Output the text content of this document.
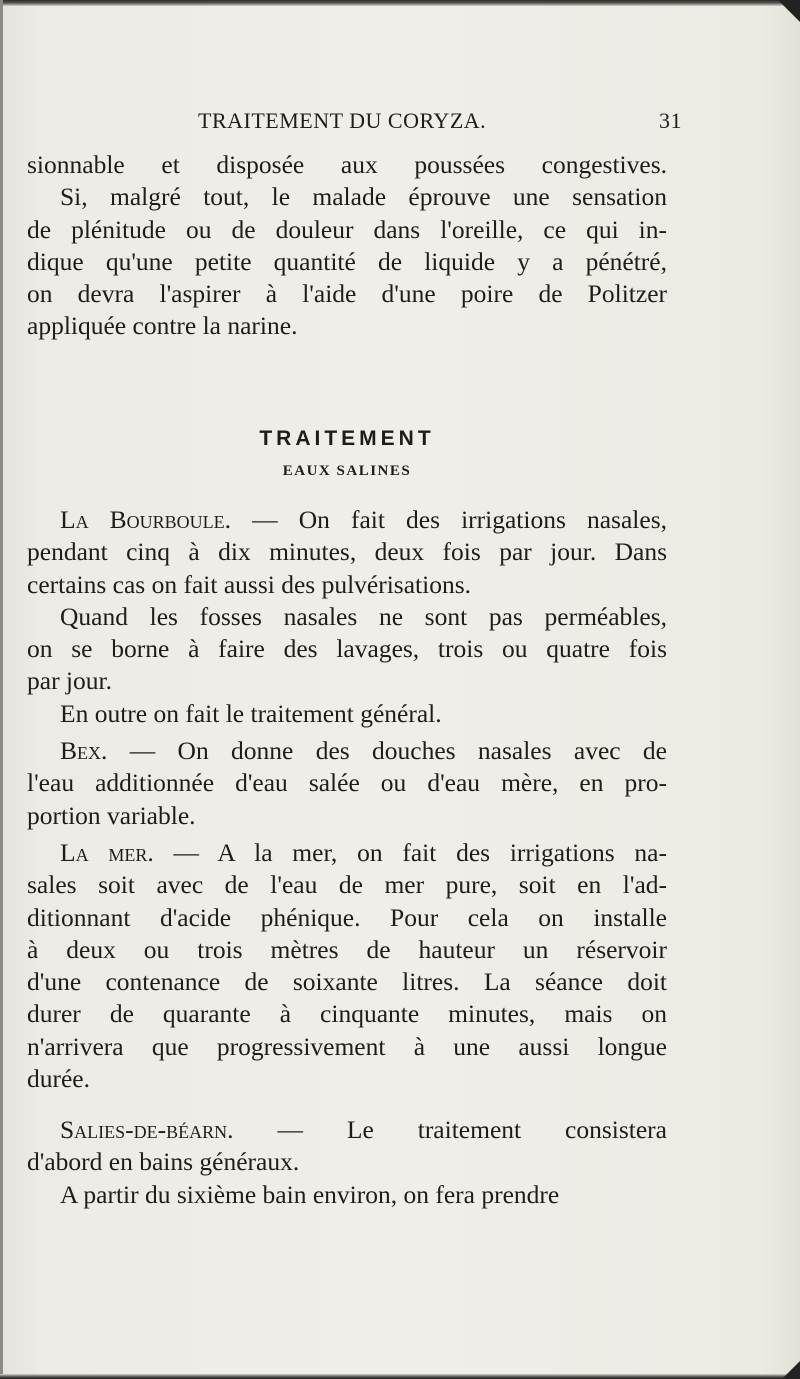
TRAITEMENT DU CORYZA.	31

sionnable et disposée aux poussées congestives.
Si, malgré tout, le malade éprouve une sensation
de plénitude ou de douleur dans l'oreille, ce qui in-
dique qu'une petite quantité de liquide y a pénétré,
on devra l'aspirer à l'aide d'une poire de Politzer
appliquée contre la narine.

TRAITEMENT
EAUX SALINES

La Bourboule. — On fait des irrigations nasales,
pendant cinq à dix minutes, deux fois par jour. Dans
certains cas on fait aussi des pulvérisations.
Quand les fosses nasales ne sont pas perméables,
on se borne à faire des lavages, trois ou quatre fois
par jour.
En outre on fait le traitement général.

Bex. — On donne des douches nasales avec de
l'eau additionnée d'eau salée ou d'eau mère, en pro-
portion variable.

La mer. — A la mer, on fait des irrigations na-
sales soit avec de l'eau de mer pure, soit en l'ad-
ditionnant d'acide phénique. Pour cela on installe
à deux ou trois mètres de hauteur un réservoir
d'une contenance de soixante litres. La séance doit
durer de quarante à cinquante minutes, mais on
n'arrivera que progressivement à une aussi longue
durée.

Salies-de-béarn. — Le traitement consistera
d'abord en bains généraux.
A partir du sixième bain environ, on fera prendre
